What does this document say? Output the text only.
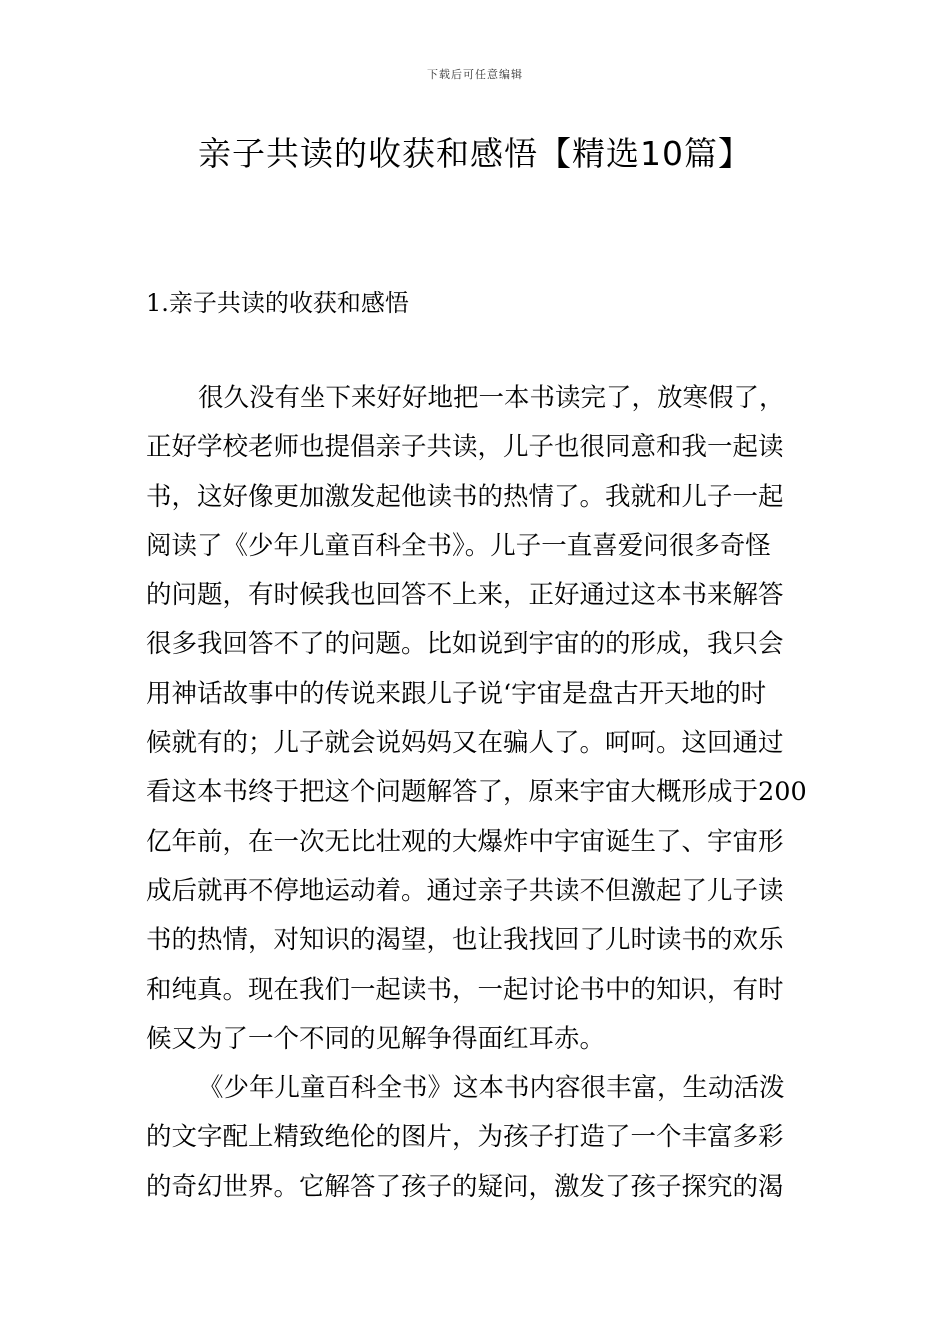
下载后可任意编辑
亲子共读的收获和感悟【精选10篇】
1.亲子共读的收获和感悟
很久没有坐下来好好地把一本书读完了，放寒假了，
正好学校老师也提倡亲子共读，儿子也很同意和我一起读
书，这好像更加激发起他读书的热情了。我就和儿子一起
阅读了《少年儿童百科全书》。儿子一直喜爱问很多奇怪
的问题，有时候我也回答不上来，正好通过这本书来解答
很多我回答不了的问题。比如说到宇宙的的形成，我只会
用神话故事中的传说来跟儿子说‘宇宙是盘古开天地的时
候就有的；儿子就会说妈妈又在骗人了。呵呵。这回通过
看这本书终于把这个问题解答了，原来宇宙大概形成于200
亿年前，在一次无比壮观的大爆炸中宇宙诞生了、宇宙形
成后就再不停地运动着。通过亲子共读不但激起了儿子读
书的热情，对知识的渴望，也让我找回了儿时读书的欢乐
和纯真。现在我们一起读书，一起讨论书中的知识，有时
候又为了一个不同的见解争得面红耳赤。
《少年儿童百科全书》这本书内容很丰富，生动活泼
的文字配上精致绝伦的图片，为孩子打造了一个丰富多彩
的奇幻世界。它解答了孩子的疑问，激发了孩子探究的渴
